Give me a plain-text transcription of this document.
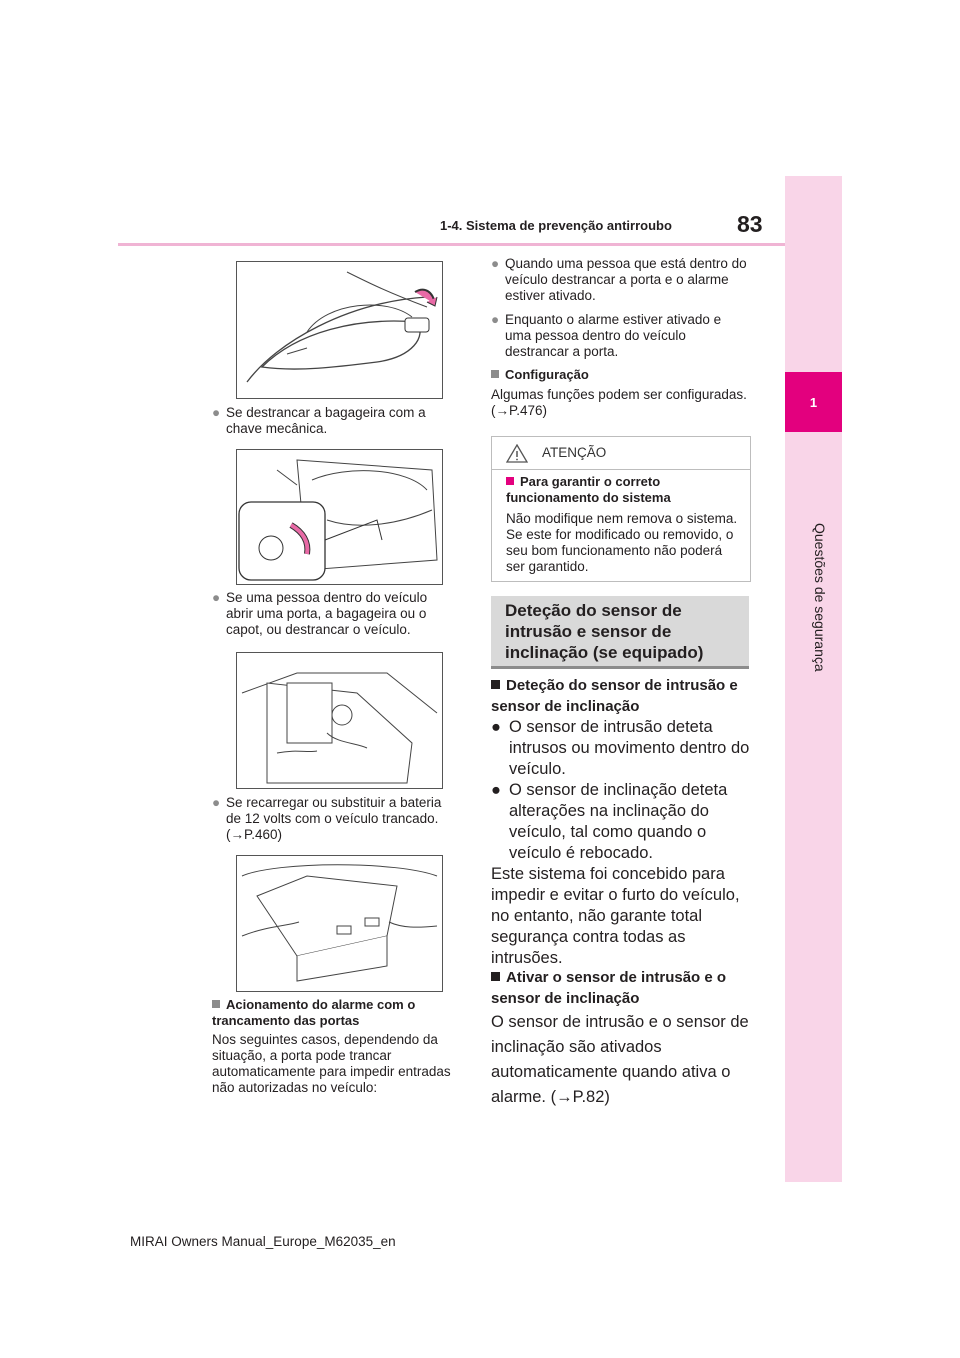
83
1-4. Sistema de prevenção antirroubo
1
Questões de segurança
● Se destrancar a bagageira com a chave mecânica.
● Se uma pessoa dentro do veículo abrir uma porta, a bagageira ou o capot, ou destrancar o veículo.
● Se recarregar ou substituir a bateria
de 12 volts com o veículo trancado.
(→P.460)
Acionamento do alarme com o trancamento das portas
Nos seguintes casos, dependendo da situação, a porta pode trancar automaticamente para impedir entradas não autorizadas no veículo:
● Quando uma pessoa que está dentro do veículo destrancar a porta e o alarme estiver ativado.
● Enquanto o alarme estiver ativado e uma pessoa dentro do veículo destrancar a porta.
Configuração
Algumas funções podem ser configuradas. (→P.476)
ATENÇÃO
Para garantir o correto funcionamento do sistema
Não modifique nem remova o sistema. Se este for modificado ou removido, o seu bom funcionamento não poderá ser garantido.
Deteção do sensor de intrusão e sensor de inclinação (se equipado)
Deteção do sensor de intrusão e sensor de inclinação
● O sensor de intrusão deteta intrusos ou movimento dentro do veículo.
● O sensor de inclinação deteta alterações na inclinação do veículo, tal como quando o veículo é rebocado.
Este sistema foi concebido para impedir e evitar o furto do veículo, no entanto, não garante total segurança contra todas as intrusões.
Ativar o sensor de intrusão e o sensor de inclinação
O sensor de intrusão e o sensor de inclinação são ativados automaticamente quando ativa o alarme. (→P.82)
MIRAI Owners Manual_Europe_M62035_en
